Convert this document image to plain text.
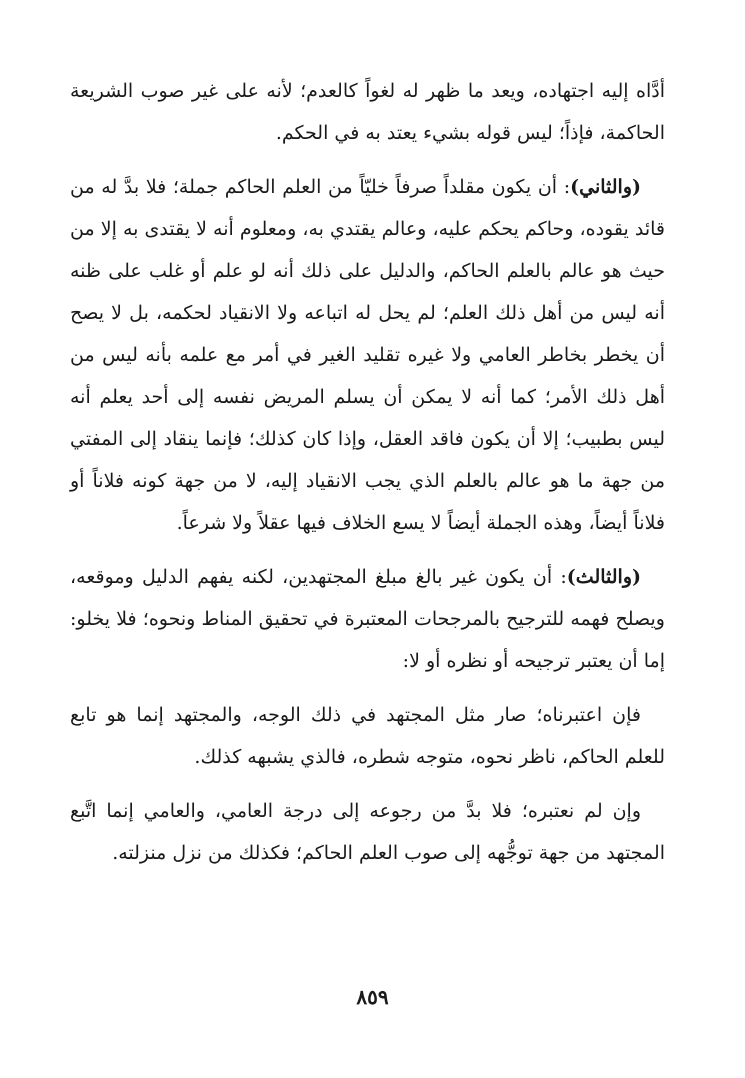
أدَّاه إليه اجتهاده، ويعد ما ظهر له لغواً كالعدم؛ لأنه على غير صوب الشريعة الحاكمة، فإذاً؛ ليس قوله بشيء يعتد به في الحكم.

(والثاني): أن يكون مقلداً صرفاً خليّاً من العلم الحاكم جملة؛ فلا بدَّ له من قائد يقوده، وحاكم يحكم عليه، وعالم يقتدي به، ومعلوم أنه لا يقتدى به إلا من حيث هو عالم بالعلم الحاكم، والدليل على ذلك أنه لو علم أو غلب على ظنه أنه ليس من أهل ذلك العلم؛ لم يحل له اتباعه ولا الانقياد لحكمه، بل لا يصح أن يخطر بخاطر العامي ولا غيره تقليد الغير في أمر مع علمه بأنه ليس من أهل ذلك الأمر؛ كما أنه لا يمكن أن يسلم المريض نفسه إلى أحد يعلم أنه ليس بطبيب؛ إلا أن يكون فاقد العقل، وإذا كان كذلك؛ فإنما ينقاد إلى المفتي من جهة ما هو عالم بالعلم الذي يجب الانقياد إليه، لا من جهة كونه فلاناً أو فلاناً أيضاً، وهذه الجملة أيضاً لا يسع الخلاف فيها عقلاً ولا شرعاً.

(والثالث): أن يكون غير بالغ مبلغ المجتهدين، لكنه يفهم الدليل وموقعه، ويصلح فهمه للترجيح بالمرجحات المعتبرة في تحقيق المناط ونحوه؛ فلا يخلو: إما أن يعتبر ترجيحه أو نظره أو لا:

فإن اعتبرناه؛ صار مثل المجتهد في ذلك الوجه، والمجتهد إنما هو تابع للعلم الحاكم، ناظر نحوه، متوجه شطره، فالذي يشبهه كذلك.

وإن لم نعتبره؛ فلا بدَّ من رجوعه إلى درجة العامي، والعامي إنما اتَّبع المجتهد من جهة توجُّهه إلى صوب العلم الحاكم؛ فكذلك من نزل منزلته.

٨٥٩
